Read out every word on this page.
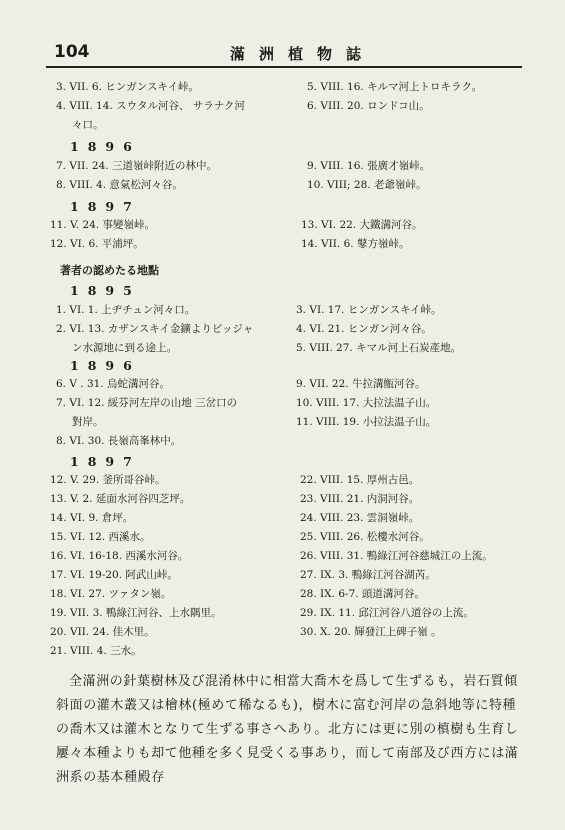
104	滿洲植物誌
3. VII. 6. ヒンガンスキイ峠。
4. VIII. 14. スウタル河谷、 サラナク河
々口。
5. VIII. 16. キルマ河上トロキラク。
6. VIII. 20. ロンドコ山。
1896
7. VII. 24. 三道嶺峠附近の林中。
8. VIII. 4. 意氣松河々谷。
9. VIII. 16. 張廣才嶺峠。
10. VIII; 28. 老爺嶺峠。
1897
11. V. 24. 事變嶺峠。
12. VI. 6. 平浦坪。
13. VI. 22. 大鐵溝河谷。
14. VII. 6. 鼕方嶺峠。
著者の認めたる地點
1895
1. VI. 1. 上ヂチュン河々口。
2. VI. 13. カザンスキイ金鑛よりビッジャ
ン水源地に到る途上。
3. VI. 17. ヒンガンスキイ峠。
4. VI. 21. ヒンガン河々谷。
5. VIII. 27. キマル河上石炭產地。
1896
6. V . 31. 烏蛇溝河谷。
7. VI. 12. 綏芬河左岸の山地 三岔口の
對岸。
8. VI. 30. 長嶺高峯林中。
9. VII. 22. 牛拉溝甑河谷。
10. VIII. 17. 大拉法温子山。
11. VIII. 19. 小拉法温子山。
1897
12. V. 29. 釜所哥谷峠。
13. V. 2. 延面水河谷四芝坪。
14. VI. 9. 倉坪。
15. VI. 12. 西溪水。
16. VI. 16-18. 西溪水河谷。
17. VI. 19-20. 阿武山峠。
18. VI. 27. ツァタン嶺。
19. VII. 3. 鴨綠江河谷、上水隅里。
20. VII. 24. 佳木里。
21. VIII. 4. 三水。
22. VIII. 15. 厚州古邑。
23. VIII. 21. 内洞河谷。
24. VIII. 23. 雲洞嶺峠。
25. VIII. 26. 松樓水河谷。
26. VIII. 31. 鴨綠江河谷慈城江の上流。
27. IX. 3. 鴨綠江河谷湖芮。
28. IX. 6-7. 頭道溝河谷。
29. IX. 11. 邱江河谷八道谷の上流。
30. X. 20. 輝發江上碑子嶺 。

全滿洲の針葉樹林及び混淆林中に相當大喬木を爲して生ずるも，岩石質傾斜面の灌木叢又は檜林(極めて稀なるも)，樹木に富む河岸の急斜地等に特種の喬木又は灌木となりて生ずる事さへあり。北方には更に別の槙樹も生育し屢々本種よりも却て他種を多く見受くる事あり，而して南部及び西方には滿洲系の基本種殿存
